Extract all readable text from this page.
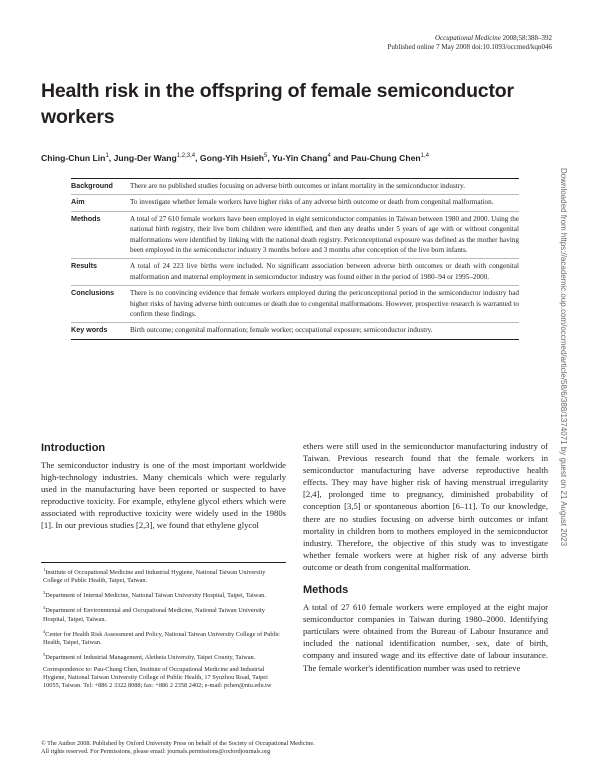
Occupational Medicine 2008;58:388–392
Published online 7 May 2008 doi:10.1093/occmed/kqn046
Health risk in the offspring of female semiconductor workers
Ching-Chun Lin$^1$, Jung-Der Wang$^{1,2,3,4}$, Gong-Yih Hsieh$^5$, Yu-Yin Chang$^4$ and Pau-Chung Chen$^{1,4}$
Background	There are no published studies focusing on adverse birth outcomes or infant mortality in the semiconductor industry.
Aim	To investigate whether female workers have higher risks of any adverse birth outcome or death from congenital malformation.
Methods	A total of 27 610 female workers have been employed in eight semiconductor companies in Taiwan between 1980 and 2000. Using the national birth registry, their live born children were identified, and then any deaths under 5 years of age with or without congenital malformations were identified by linking with the national death registry. Periconceptional exposure was defined as the mother having been employed in the semiconductor industry 3 months before and 3 months after conception of the live born infants.
Results	A total of 24 223 live births were included. No significant association between adverse birth outcomes or death with congenital malformation and maternal employment in semiconductor industry was found either in the period of 1980–94 or 1995–2000.
Conclusions	There is no convincing evidence that female workers employed during the periconceptional period in the semiconductor industry had higher risks of having adverse birth outcomes or death due to congenital malformations. However, prospective research is warranted to confirm these findings.
Key words	Birth outcome; congenital malformation; female worker; occupational exposure; semiconductor industry.
Introduction

The semiconductor industry is one of the most important worldwide high-technology industries. Many chemicals which were regularly used in the manufacturing have been reported or suspected to have reproductive toxicity. For example, ethylene glycol ethers which were associated with reproductive toxicity were widely used in the 1980s [1]. In our previous studies [2,3], we found that ethylene glycol

$^1$Institute of Occupational Medicine and Industrial Hygiene, National Taiwan University College of Public Health, Taipei, Taiwan.
$^2$Department of Internal Medicine, National Taiwan University Hospital, Taipei, Taiwan.
$^3$Department of Environmental and Occupational Medicine, National Taiwan University Hospital, Taipei, Taiwan.
$^4$Center for Health Risk Assessment and Policy, National Taiwan University College of Public Health, Taipei, Taiwan.
$^5$Department of Industrial Management, Aletheia University, Taipei County, Taiwan.
Correspondence to: Pau-Chung Chen, Institute of Occupational Medicine and Industrial Hygiene, National Taiwan University College of Public Health, 17 Syuzhou Road, Taipei 10055, Taiwan. Tel: +886 2 3322 8088; fax: +886 2 2358 2402; e-mail: pchen@ntu.edu.tw

ethers were still used in the semiconductor manufacturing industry of Taiwan. Previous research found that the female workers in semiconductor manufacturing have adverse reproductive health effects. They may have higher risk of having menstrual irregularity [2,4], prolonged time to pregnancy, diminished probability of conception [3,5] or spontaneous abortion [6–11]. To our knowledge, there are no studies focusing on adverse birth outcomes or infant mortality in children born to mothers employed in the semiconductor industry. Therefore, the objective of this study was to investigate whether female workers were at higher risk of any adverse birth outcome or death from congenital malformation.

Methods

A total of 27 610 female workers were employed at the eight major semiconductor companies in Taiwan during 1980–2000. Identifying particulars were obtained from the Bureau of Labour Insurance and included the national identification number, sex, date of birth, company and insured wage and its effective date of labour insurance. The female worker's identification number was used to retrieve

© The Author 2008. Published by Oxford University Press on behalf of the Society of Occupational Medicine.
All rights reserved. For Permissions, please email: journals.permissions@oxfordjournals.org
Downloaded from https://academic.oup.com/occmed/article/58/6/388/1374071 by guest on 21 August 2023
